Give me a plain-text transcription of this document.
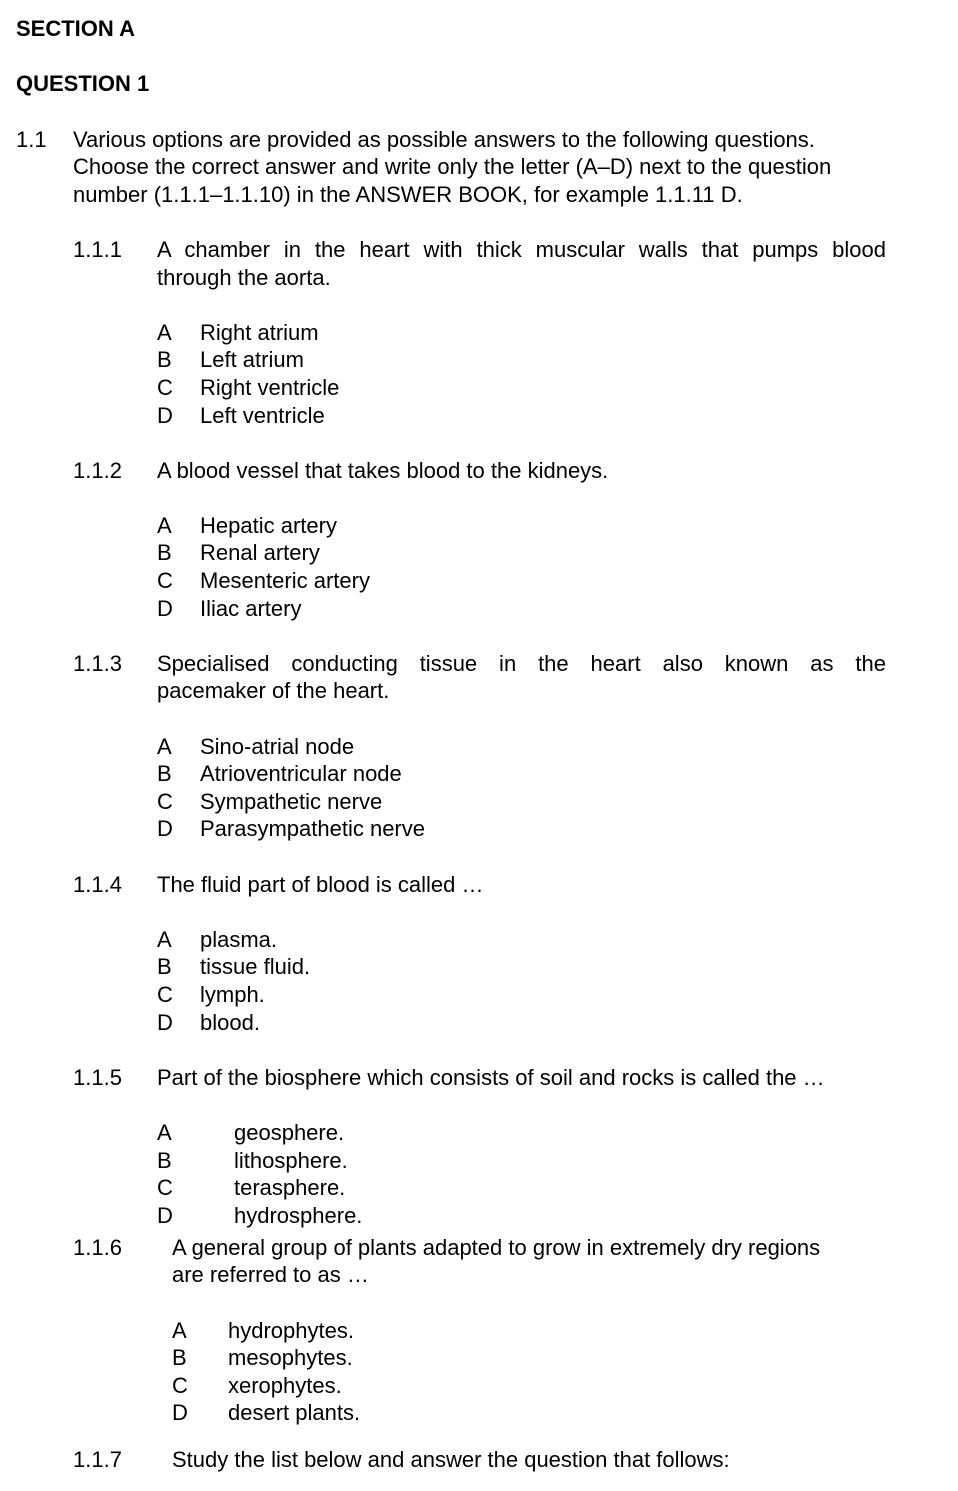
SECTION A
QUESTION 1
1.1 Various options are provided as possible answers to the following questions.
Choose the correct answer and write only the letter (A–D) next to the question
number (1.1.1–1.1.10) in the ANSWER BOOK, for example 1.1.11 D.
1.1.1 A chamber in the heart with thick muscular walls that pumps blood
through the aorta.
A Right atrium
B Left atrium
C Right ventricle
D Left ventricle
1.1.2 A blood vessel that takes blood to the kidneys.
A Hepatic artery
B Renal artery
C Mesenteric artery
D Iliac artery
1.1.3 Specialised conducting tissue in the heart also known as the
pacemaker of the heart.
A Sino-atrial node
B Atrioventricular node
C Sympathetic nerve
D Parasympathetic nerve
1.1.4 The fluid part of blood is called …
A plasma.
B tissue fluid.
C lymph.
D blood.
1.1.5 Part of the biosphere which consists of soil and rocks is called the …
A	geosphere.
B	lithosphere.
C	terasphere.
D	hydrosphere.
1.1.6 A general group of plants adapted to grow in extremely dry regions
are referred to as …
A hydrophytes.
B mesophytes.
C xerophytes.
D desert plants.
1.1.7 Study the list below and answer the question that follows:
